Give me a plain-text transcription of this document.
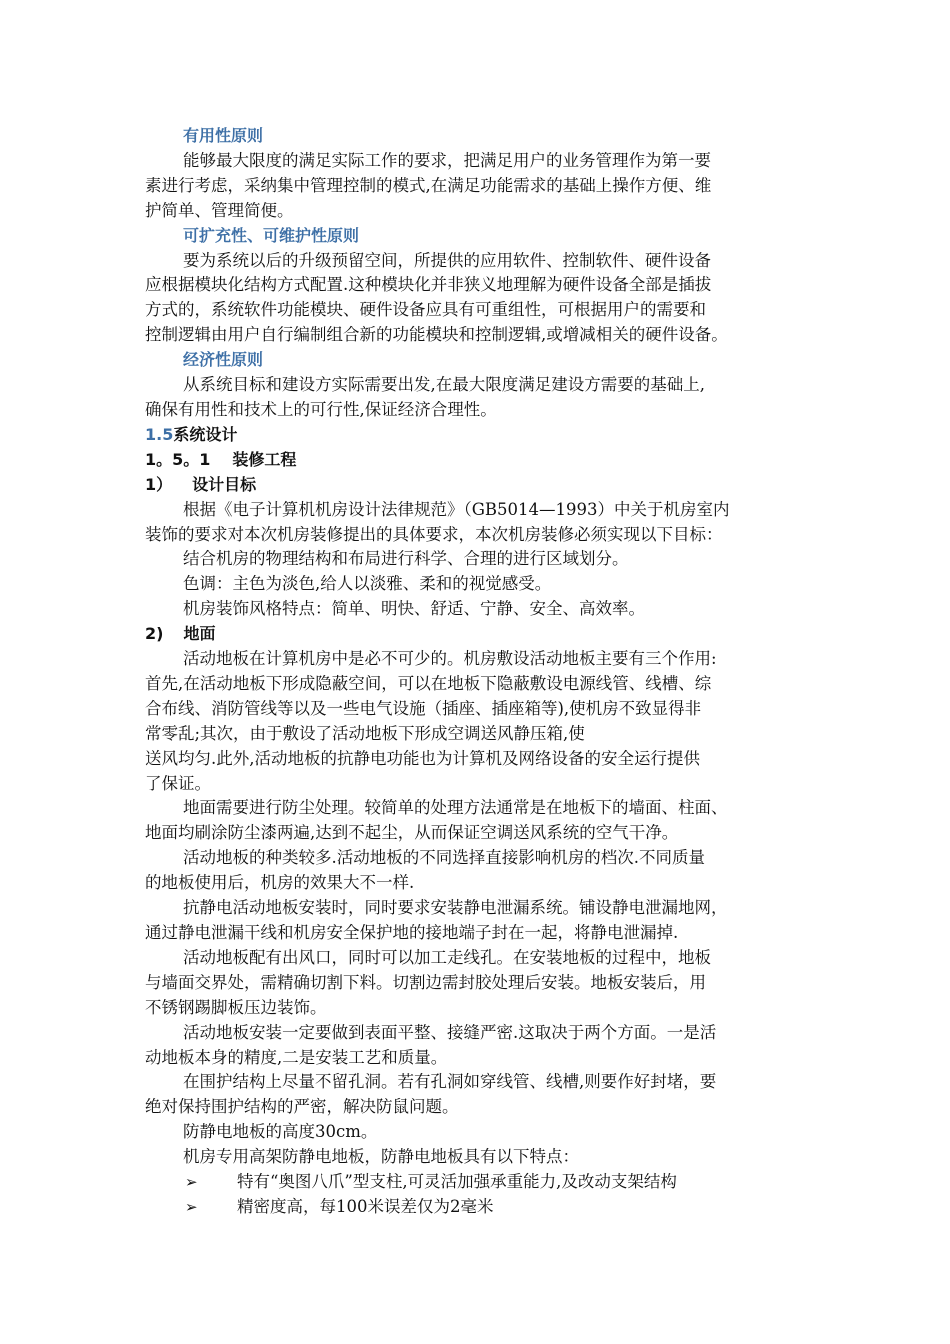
有用性原则

能够最大限度的满足实际工作的要求，把满足用户的业务管理作为第一要

素进行考虑，采纳集中管理控制的模式,在满足功能需求的基础上操作方便、维

护简单、管理简便。

可扩充性、可维护性原则

要为系统以后的升级预留空间，所提供的应用软件、控制软件、硬件设备

应根据模块化结构方式配置.这种模块化并非狭义地理解为硬件设备全部是插拔

方式的，系统软件功能模块、硬件设备应具有可重组性，可根据用户的需要和

控制逻辑由用户自行编制组合新的功能模块和控制逻辑,或增减相关的硬件设备。

经济性原则

从系统目标和建设方实际需要出发,在最大限度满足建设方需要的基础上,

确保有用性和技术上的可行性,保证经济合理性。

1.5系统设计

1。5。1 装修工程

1） 设计目标

根据《电子计算机机房设计法律规范》（GB5014—1993）中关于机房室内

装饰的要求对本次机房装修提出的具体要求，本次机房装修必须实现以下目标：

结合机房的物理结构和布局进行科学、合理的进行区域划分。

色调：主色为淡色,给人以淡雅、柔和的视觉感受。

机房装饰风格特点：简单、明快、舒适、宁静、安全、高效率。

2) 地面

活动地板在计算机房中是必不可少的。机房敷设活动地板主要有三个作用:

首先,在活动地板下形成隐蔽空间，可以在地板下隐蔽敷设电源线管、线槽、综

合布线、消防管线等以及一些电气设施（插座、插座箱等),使机房不致显得非

常零乱;其次，由于敷设了活动地板下形成空调送风静压箱,使

送风均匀.此外,活动地板的抗静电功能也为计算机及网络设备的安全运行提供

了保证。

地面需要进行防尘处理。较简单的处理方法通常是在地板下的墙面、柱面、

地面均刷涂防尘漆两遍,达到不起尘，从而保证空调送风系统的空气干净。

活动地板的种类较多.活动地板的不同选择直接影响机房的档次.不同质量

的地板使用后，机房的效果大不一样.

抗静电活动地板安装时，同时要求安装静电泄漏系统。铺设静电泄漏地网，

通过静电泄漏干线和机房安全保护地的接地端子封在一起，将静电泄漏掉.

活动地板配有出风口，同时可以加工走线孔。在安装地板的过程中，地板

与墙面交界处，需精确切割下料。切割边需封胶处理后安装。地板安装后，用

不锈钢踢脚板压边装饰。

活动地板安装一定要做到表面平整、接缝严密.这取决于两个方面。一是活

动地板本身的精度,二是安装工艺和质量。

在围护结构上尽量不留孔洞。若有孔洞如穿线管、线槽,则要作好封堵，要

绝对保持围护结构的严密，解决防鼠问题。

防静电地板的高度30cm。

机房专用高架防静电地板，防静电地板具有以下特点：

➢ 特有“奥图八爪”型支柱,可灵活加强承重能力,及改动支架结构

➢ 精密度高，每100米误差仅为2毫米
